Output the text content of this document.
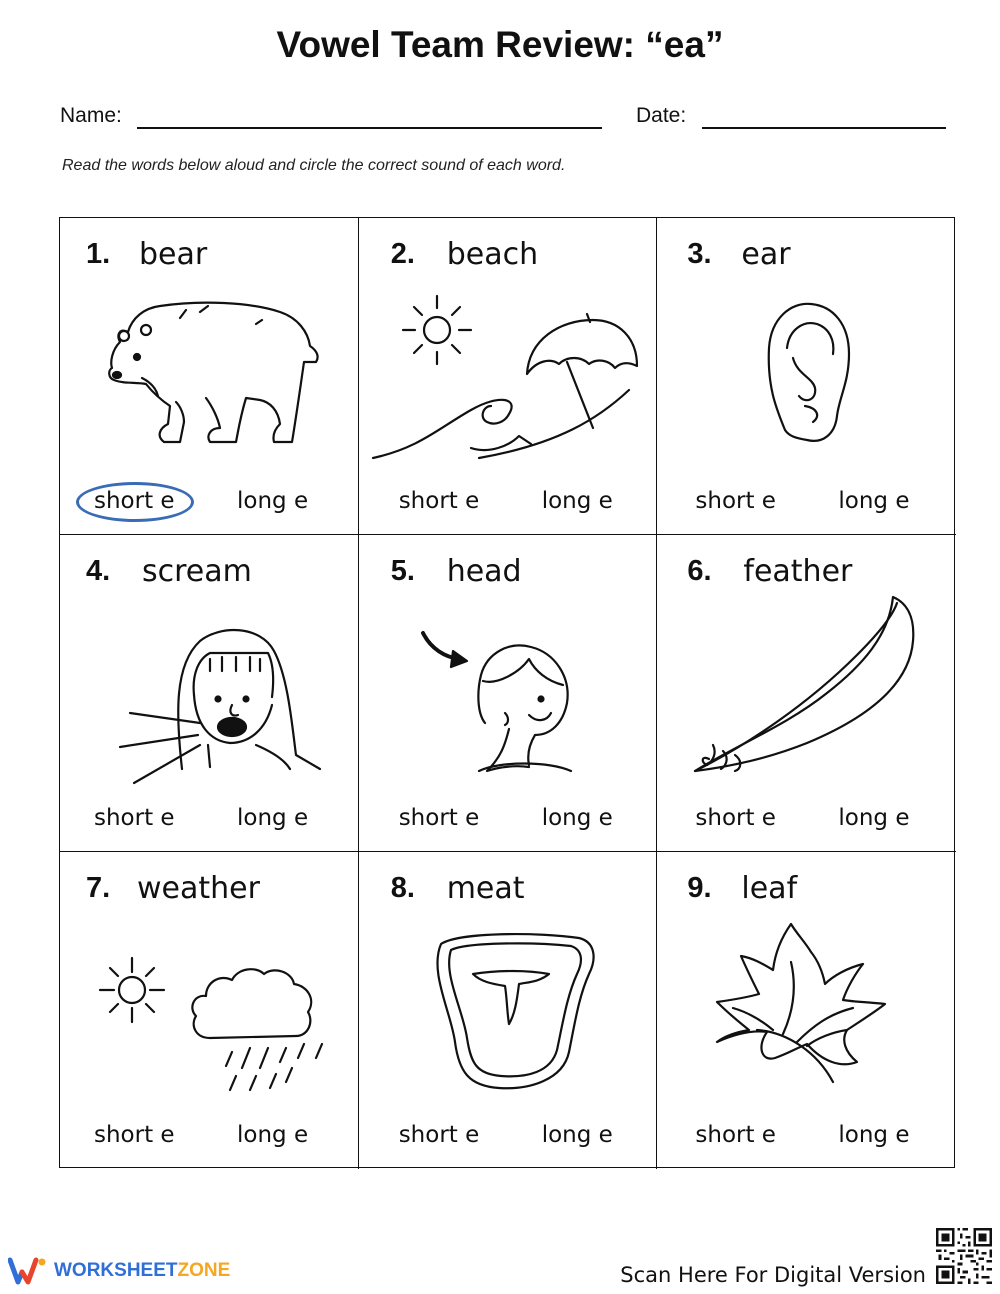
Vowel Team Review: “ea”
Name:	Date:
Read the words below aloud and circle the correct sound of each word.
1. bear
short e	long e
2. beach
short e	long e
3. ear
short e	long e
4. scream
short e	long e
5. head
short e	long e
6. feather
short e	long e
7. weather
short e	long e
8. meat
short e	long e
9. leaf
short e	long e
WORKSHEETZONE	Scan Here For Digital Version
